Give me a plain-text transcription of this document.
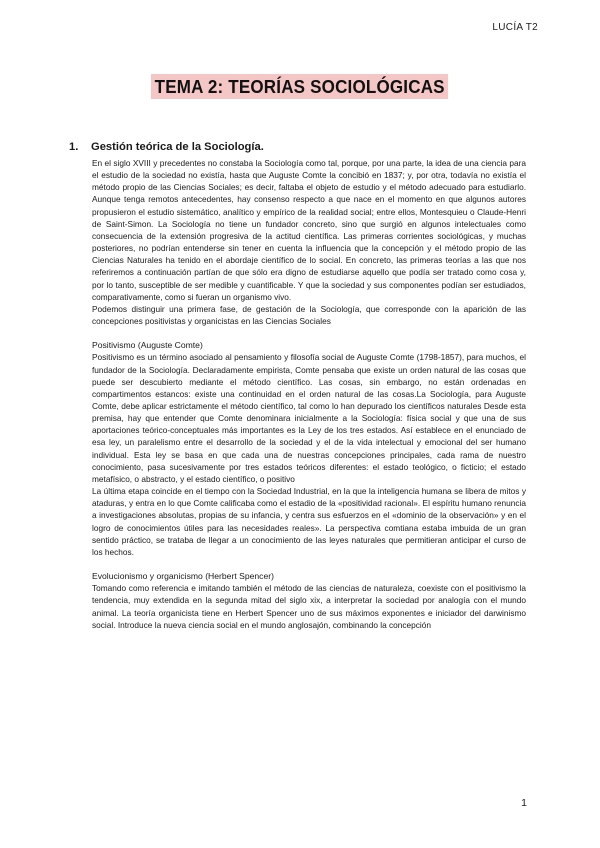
LUCÍA T2
TEMA 2: TEORÍAS SOCIOLÓGICAS
1. Gestión teórica de la Sociología.

En el siglo XVIII y precedentes no constaba la Sociología como tal, porque, por una parte, la idea de una ciencia para el estudio de la sociedad no existía, hasta que Auguste Comte la concibió en 1837; y, por otra, todavía no existía el método propio de las Ciencias Sociales; es decir, faltaba el objeto de estudio y el método adecuado para estudiarlo. Aunque tenga remotos antecedentes, hay consenso respecto a que nace en el momento en que algunos autores propusieron el estudio sistemático, analítico y empírico de la realidad social; entre ellos, Montesquieu o Claude-Henri de Saint-Simon. La Sociología no tiene un fundador concreto, sino que surgió en algunos intelectuales como consecuencia de la extensión progresiva de la actitud científica. Las primeras corrientes sociológicas, y muchas posteriores, no podrían entenderse sin tener en cuenta la influencia que la concepción y el método propio de las Ciencias Naturales ha tenido en el abordaje científico de lo social. En concreto, las primeras teorías a las que nos referiremos a continuación partían de que sólo era digno de estudiarse aquello que podía ser tratado como cosa y, por lo tanto, susceptible de ser medible y cuantificable. Y que la sociedad y sus componentes podían ser estudiados, comparativamente, como si fueran un organismo vivo.

Podemos distinguir una primera fase, de gestación de la Sociología, que corresponde con la aparición de las concepciones positivistas y organicistas en las Ciencias Sociales

Positivismo (Auguste Comte)

Positivismo es un término asociado al pensamiento y filosofía social de Auguste Comte (1798-1857), para muchos, el fundador de la Sociología. Declaradamente empirista, Comte pensaba que existe un orden natural de las cosas que puede ser descubierto mediante el método científico. Las cosas, sin embargo, no están ordenadas en compartimentos estancos: existe una continuidad en el orden natural de las cosas.La Sociología, para Auguste Comte, debe aplicar estrictamente el método científico, tal como lo han depurado los científicos naturales Desde esta premisa, hay que entender que Comte denominara inicialmente a la Sociología: física social y que una de sus aportaciones teórico-conceptuales más importantes es la Ley de los tres estados. Así establece en el enunciado de esa ley, un paralelismo entre el desarrollo de la sociedad y el de la vida intelectual y emocional del ser humano individual. Esta ley se basa en que cada una de nuestras concepciones principales, cada rama de nuestro conocimiento, pasa sucesivamente por tres estados teóricos diferentes: el estado teológico, o ficticio; el estado metafísico, o abstracto, y el estado científico, o positivo

La última etapa coincide en el tiempo con la Sociedad Industrial, en la que la inteligencia humana se libera de mitos y ataduras, y entra en lo que Comte calificaba como el estadio de la «positividad racional». El espíritu humano renuncia a investigaciones absolutas, propias de su infancia, y centra sus esfuerzos en el «dominio de la observación» y en el logro de conocimientos útiles para las necesidades reales». La perspectiva comtiana estaba imbuida de un gran sentido práctico, se trataba de llegar a un conocimiento de las leyes naturales que permitieran anticipar el curso de los hechos.

Evolucionismo y organicismo (Herbert Spencer)

Tomando como referencia e imitando también el método de las ciencias de naturaleza, coexiste con el positivismo la tendencia, muy extendida en la segunda mitad del siglo xix, a interpretar la sociedad por analogía con el mundo animal. La teoría organicista tiene en Herbert Spencer uno de sus máximos exponentes e iniciador del darwinismo social. Introduce la nueva ciencia social en el mundo anglosajón, combinando la concepción

1
